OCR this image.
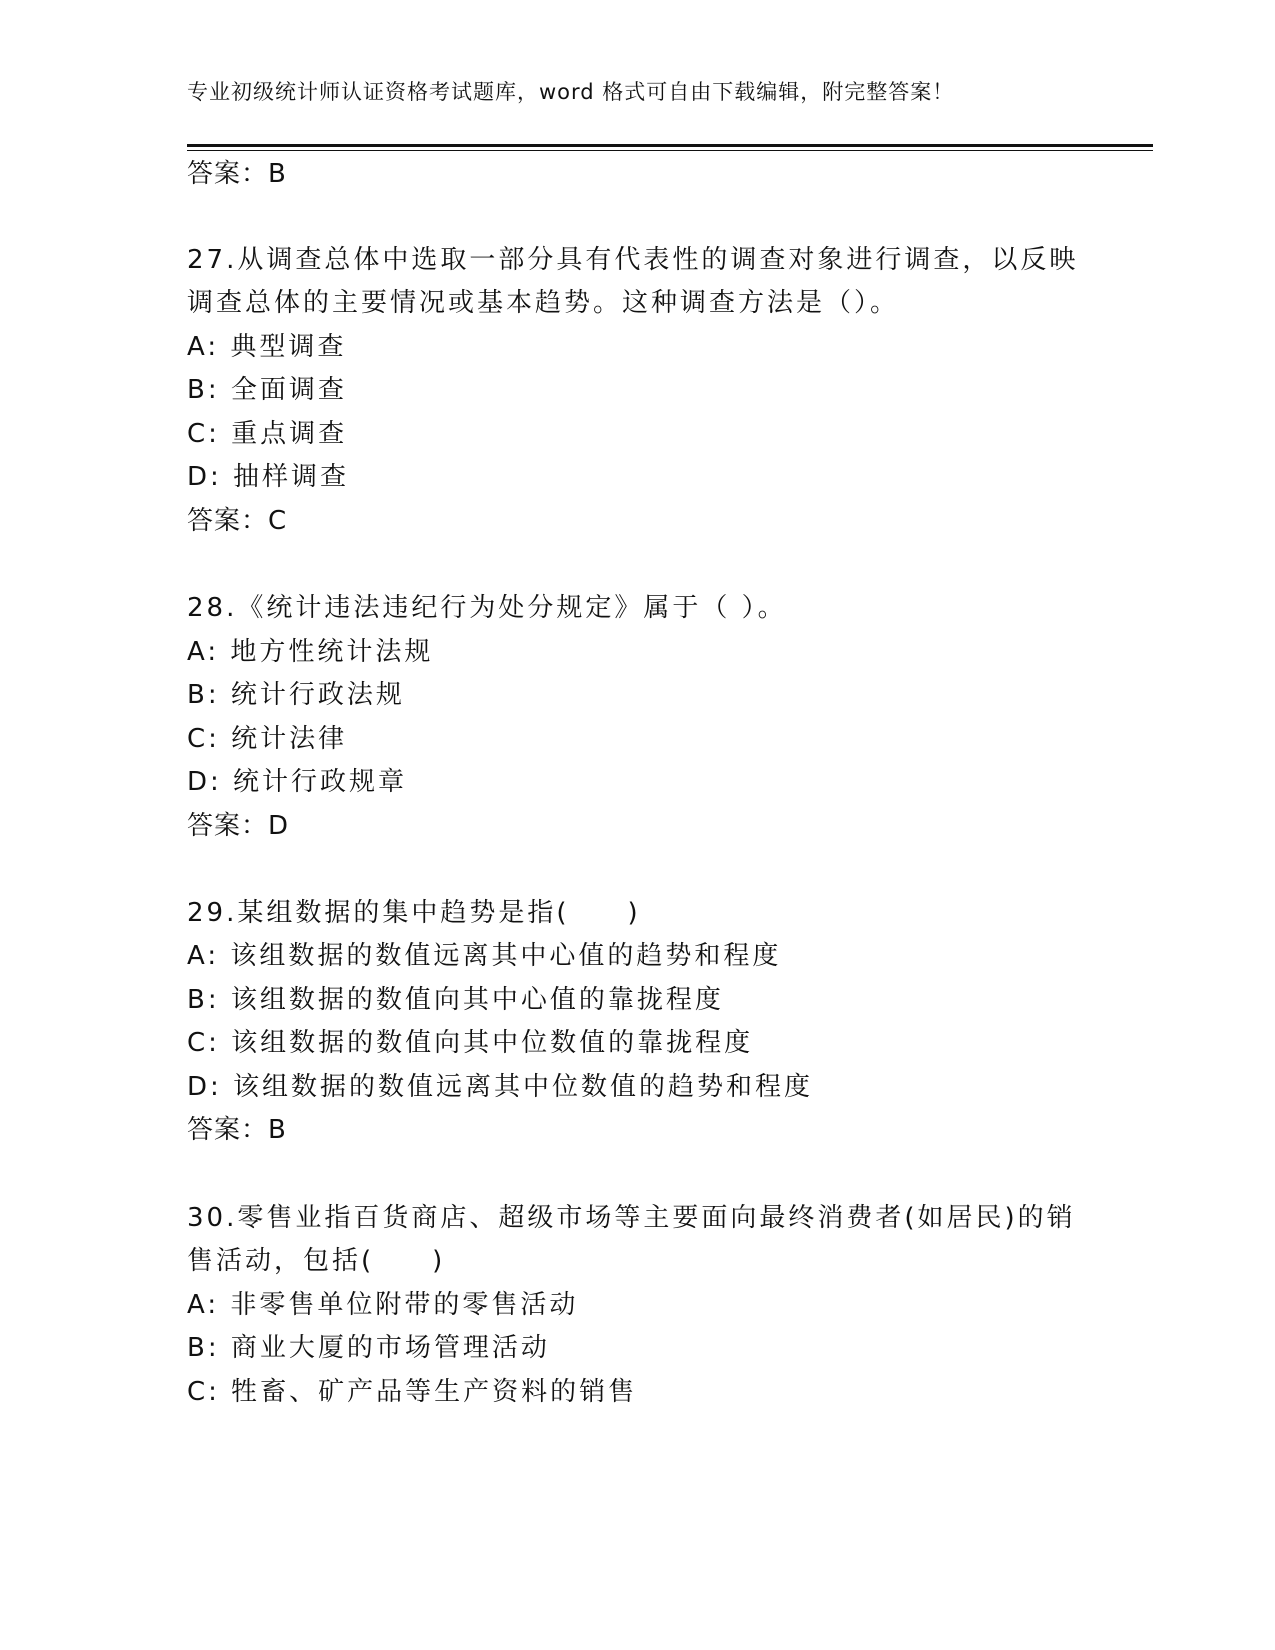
专业初级统计师认证资格考试题库，word 格式可自由下载编辑，附完整答案！
答案：B
27.从调查总体中选取一部分具有代表性的调查对象进行调查，以反映
调查总体的主要情况或基本趋势。这种调查方法是（）。
A: 典型调查
B: 全面调查
C: 重点调查
D: 抽样调查
答案：C
28.《统计违法违纪行为处分规定》属于（ ）。
A: 地方性统计法规
B: 统计行政法规
C: 统计法律
D: 统计行政规章
答案：D
29.某组数据的集中趋势是指(　　)
A: 该组数据的数值远离其中心值的趋势和程度
B: 该组数据的数值向其中心值的靠拢程度
C: 该组数据的数值向其中位数值的靠拢程度
D: 该组数据的数值远离其中位数值的趋势和程度
答案：B
30.零售业指百货商店、超级市场等主要面向最终消费者(如居民)的销
售活动，包括(　　)
A: 非零售单位附带的零售活动
B: 商业大厦的市场管理活动
C: 牲畜、矿产品等生产资料的销售
